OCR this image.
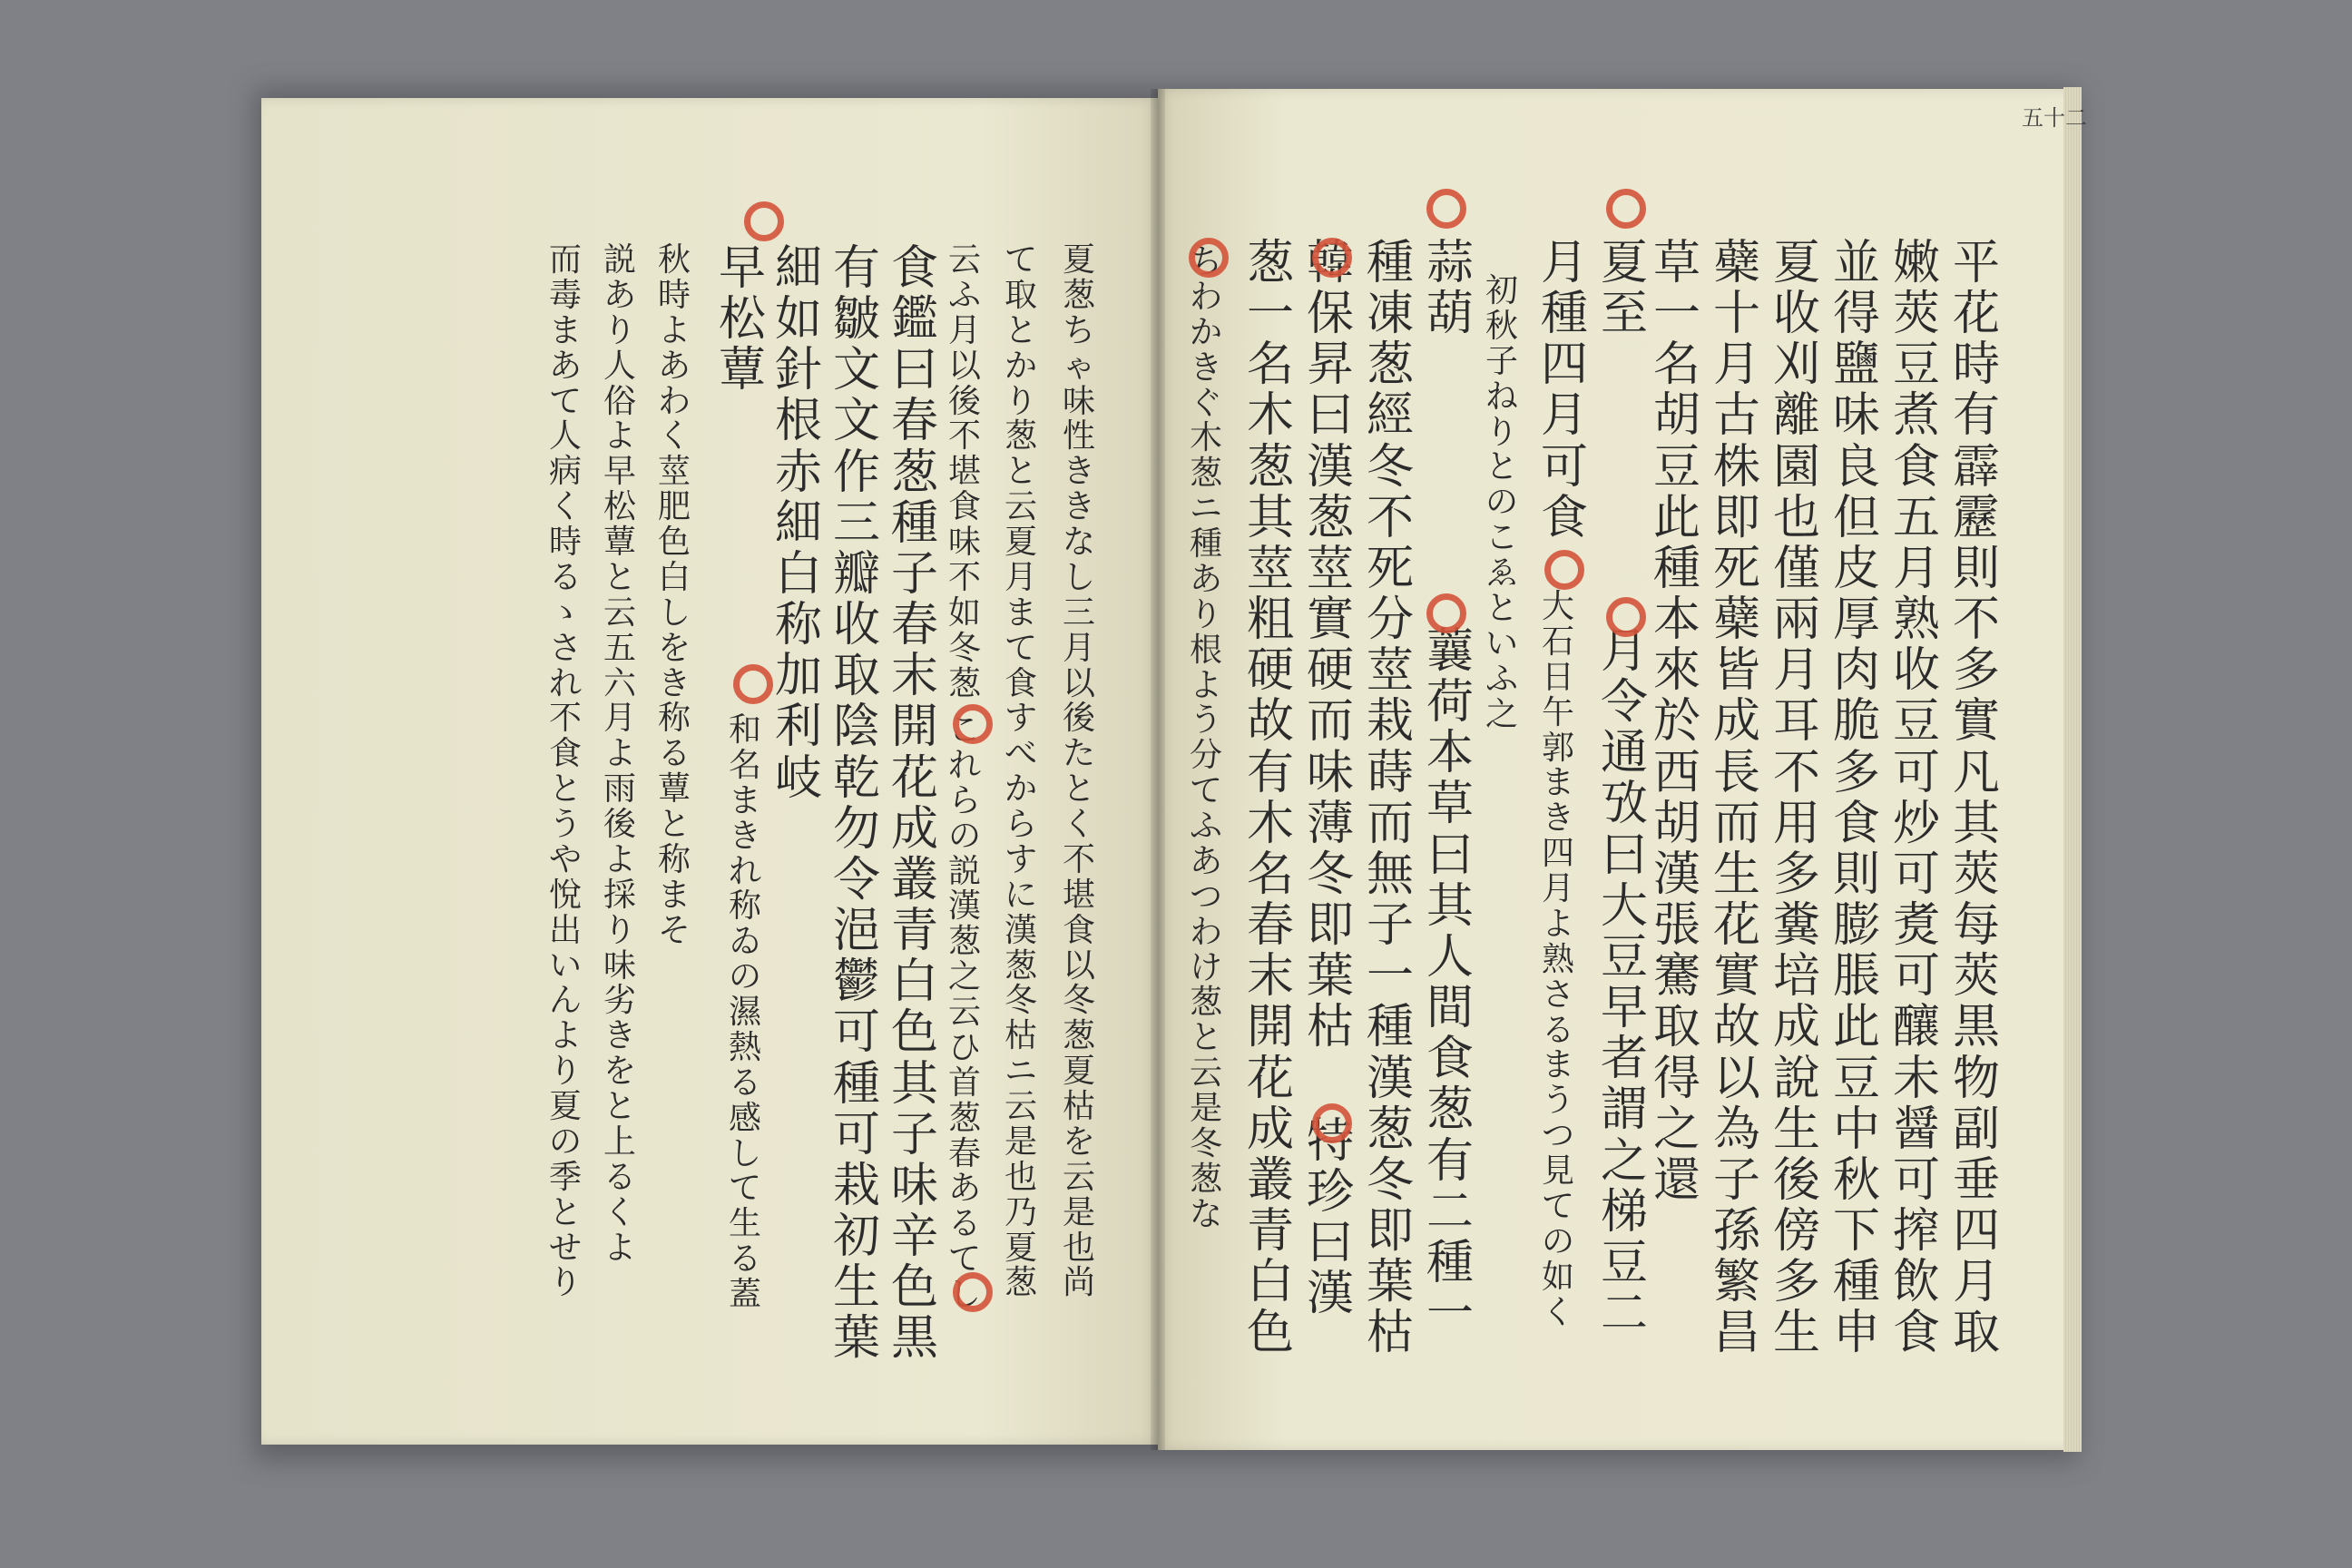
五十二
平
花
時
有
霹
靂
則
不
多
實
凡
其
莢
每
莢
黒
物
副
垂
四
月
取
嫩
莢
豆
煮
食
五
月
熟
收
豆
可
炒
可
煑
可
釀
未
醤
可
搾
飲
食
並
得
鹽
味
良
但
皮
厚
肉
脆
多
食
則
膨
脹
此
豆
中
秋
下
種
申
夏
收
刈
離
園
也
僅
兩
月
耳
不
用
多
糞
培
成
說
生
後
傍
多
生
蘗
十
月
古
株
即
死
蘗
皆
成
長
而
生
花
實
故
以
為
子
孫
繁
昌
草
一
名
胡
豆
此
種
本
來
於
西
胡
漢
張
騫
取
得
之
還
月
令
通
攷
曰
大
豆
早
者
謂
之
梯
豆
二
夏
至
月
種
四
月
可
食
初
秋
子
ね
り
と
の
こ
ゑ
と
い
ふ
之
大
石
日
午
郭
ま
き
四
月
よ
熟
さ
る
ま
う
つ
見
て
の
如
く
蒜
葫
種
凍
葱
經
冬
不
死
分
莖
栽
蒔
而
無
子
一
種
漢
葱
冬
即
葉
枯
蘘
荷
本
草
曰
其
人
間
食
葱
有
二
種
一
韓
保
昇
曰
漢
葱
莖
實
硬
而
味
薄
冬
即
葉
枯
特
珍
曰
漢
葱
一
名
木
葱
其
莖
粗
硬
故
有
木
名
春
末
開
花
成
叢
青
白
色
ち
わ
か
き
ぐ
木
葱
ニ
種
あ
り
根
よ
う
分
て
ふ
あ
つ
わ
け
葱
と
云
是
冬
葱
な
夏
葱
ち
ゃ
味
性
き
き
な
し
三
月
以
後
た
と
く
不
堪
食
以
冬
葱
夏
枯
を
云
是
也
尚
て
取
と
か
り
葱
と
云
夏
月
ま
て
食
す
べ
か
ら
す
に
漢
葱
冬
枯
ニ
云
是
也
乃
夏
葱
云
ふ
月
以
後
不
堪
食
味
不
如
冬
葱
こ
れ
ら
の
説
漢
葱
之
云
ひ
首
葱
春
あ
る
て
し
食
鑑
曰
春
葱
種
子
春
末
開
花
成
叢
青
白
色
其
子
味
辛
色
黒
有
皺
文
文
作
三
瓣
收
取
陰
乾
勿
令
浥
鬱
可
種
可
栽
初
生
葉
細
如
針
根
赤
細
白
称
加
利
岐
和
名
ま
き
れ
称
ゐ
の
濕
熱
る
感
し
て
生
る
蓋
早
松
蕈
秋
時
よ
あ
わ
く
莖
肥
色
白
し
を
き
称
る
蕈
と
称
ま
そ
説
あ
り
人
俗
よ
早
松
蕈
と
云
五
六
月
よ
雨
後
よ
採
り
味
劣
き
を
と
上
る
く
よ
而
毒
ま
あ
て
人
病
く
時
る
ゝ
さ
れ
不
食
と
う
や
悅
出
い
ん
よ
り
夏
の
季
と
せ
り
